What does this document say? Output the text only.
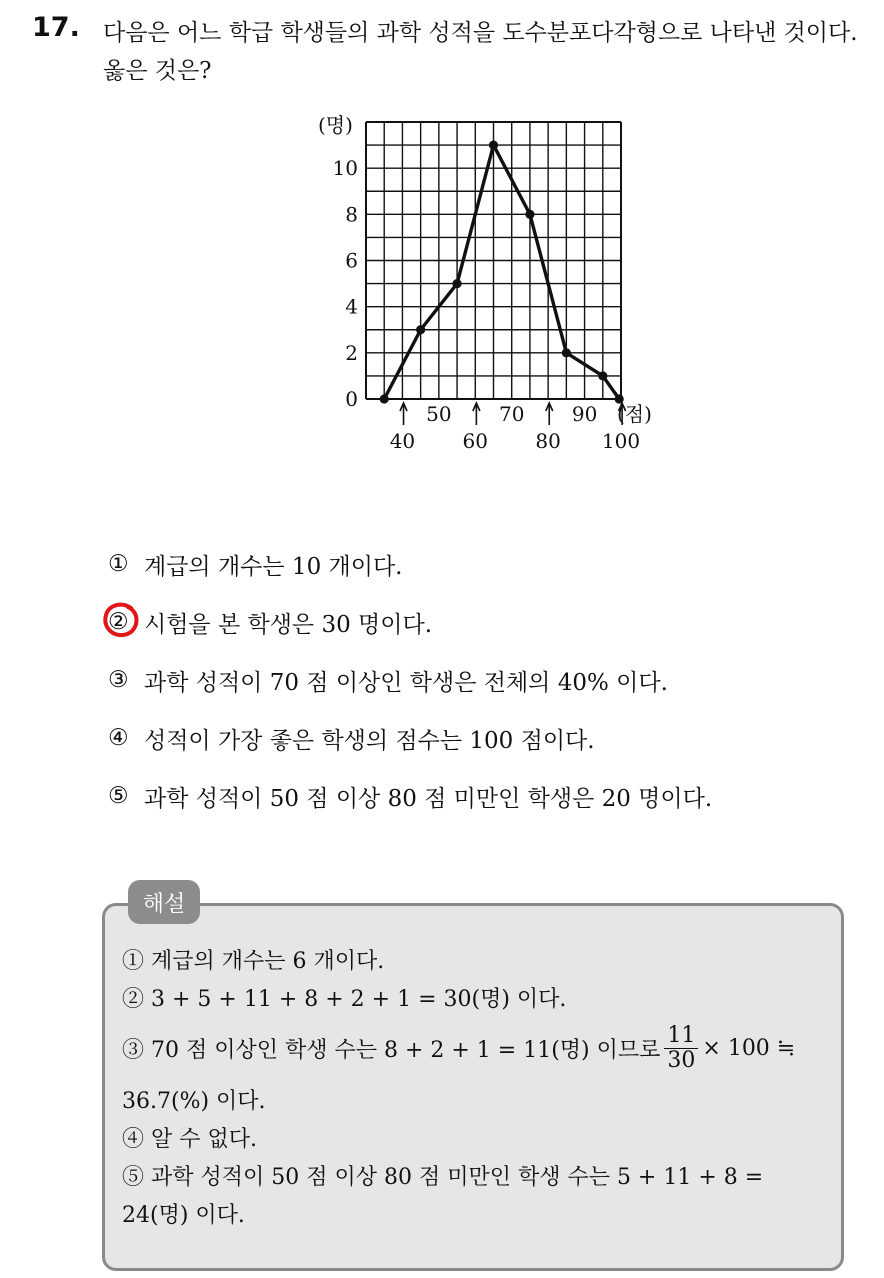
17. 다음은 어느 학급 학생들의 과학 성적을 도수분포다각형으로 나타낸 것이다. 옳은 것은?
(명)
0
2
4
6
8
10
50 70 90
40 60 80 100
(점)
① 계급의 개수는 10 개이다.
② 시험을 본 학생은 30 명이다.
③ 과학 성적이 70 점 이상인 학생은 전체의 40% 이다.
④ 성적이 가장 좋은 학생의 점수는 100 점이다.
⑤ 과학 성적이 50 점 이상 80 점 미만인 학생은 20 명이다.
해설
① 계급의 개수는 6 개이다.
② 3 + 5 + 11 + 8 + 2 + 1 = 30(명) 이다.
③ 70 점 이상인 학생 수는 8 + 2 + 1 = 11(명) 이므로 $\frac{11}{30} \times 100$ ≒
36.7(%) 이다.
④ 알 수 없다.
⑤ 과학 성적이 50 점 이상 80 점 미만인 학생 수는 5 + 11 + 8 =
24(명) 이다.
